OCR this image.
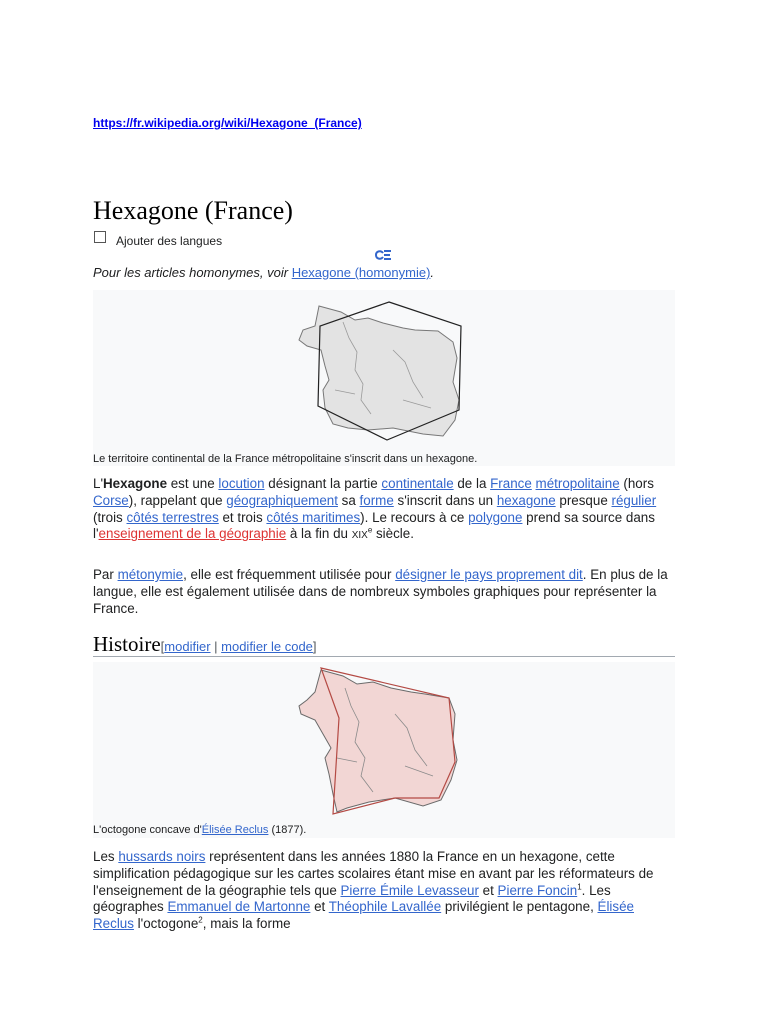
https://fr.wikipedia.org/wiki/Hexagone_(France)
Hexagone (France)
Ajouter des langues
Pour les articles homonymes, voir Hexagone (homonymie).
Le territoire continental de la France métropolitaine s'inscrit dans un hexagone.

L'Hexagone est une locution désignant la partie continentale de la France métropolitaine (hors Corse), rappelant que géographiquement sa forme s'inscrit dans un hexagone presque régulier (trois côtés terrestres et trois côtés maritimes). Le recours à ce polygone prend sa source dans l'enseignement de la géographie à la fin du XIXe siècle.

Par métonymie, elle est fréquemment utilisée pour désigner le pays proprement dit. En plus de la langue, elle est également utilisée dans de nombreux symboles graphiques pour représenter la France.

Histoire[modifier | modifier le code]
L'octogone concave d'Élisée Reclus (1877).

Les hussards noirs représentent dans les années 1880 la France en un hexagone, cette simplification pédagogique sur les cartes scolaires étant mise en avant par les réformateurs de l'enseignement de la géographie tels que Pierre Émile Levasseur et Pierre Foncin$^1$. Les géographes Emmanuel de Martonne et Théophile Lavallée privilégient le pentagone, Élisée Reclus l'octogone$^2$, mais la forme
